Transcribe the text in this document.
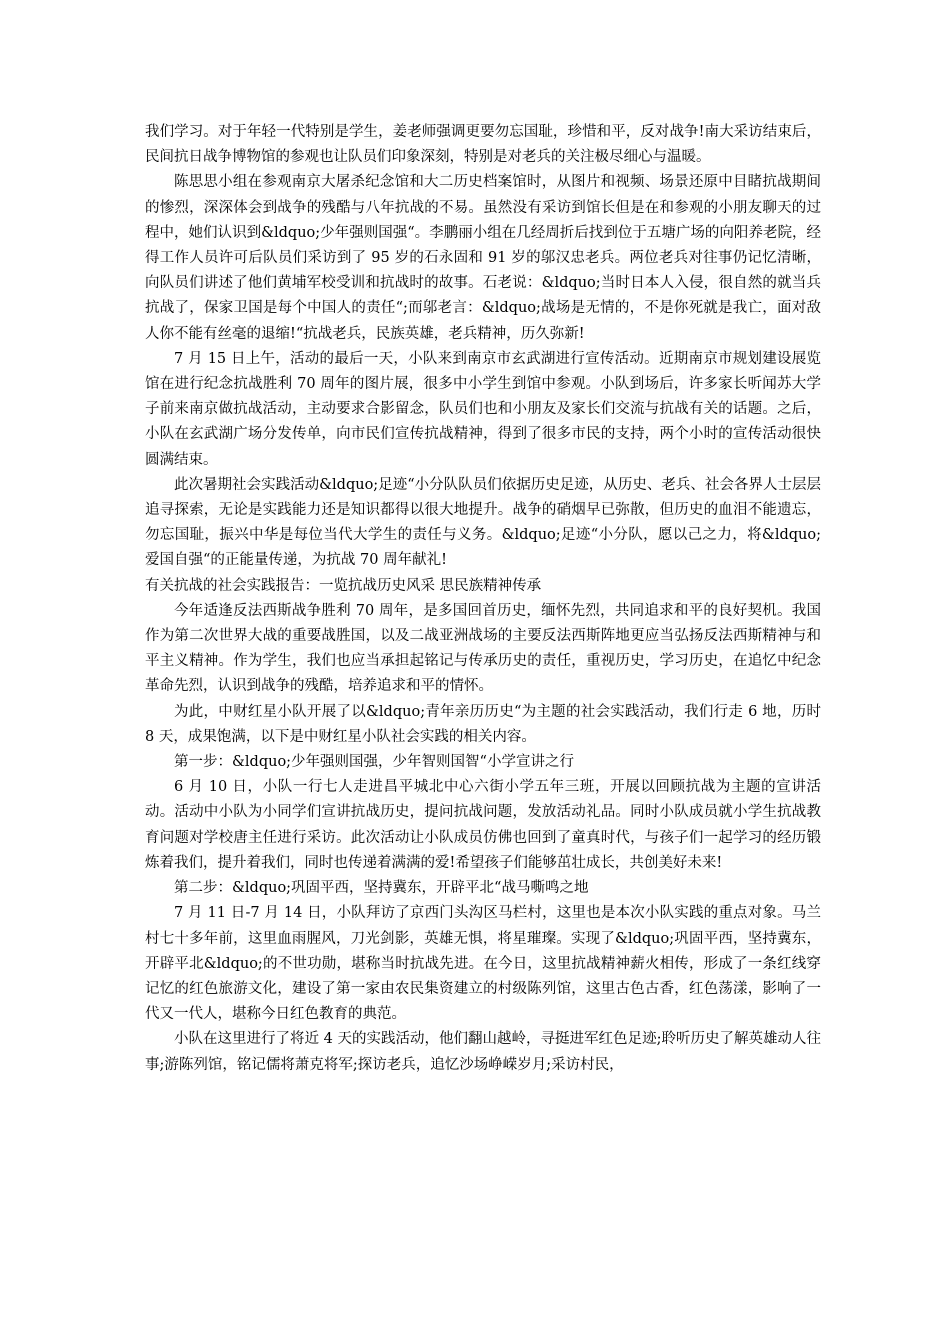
我们学习。对于年轻一代特别是学生，姜老师强调更要勿忘国耻，珍惜和平，反对战争!南大采访结束后，民间抗日战争博物馆的参观也让队员们印象深刻，特别是对老兵的关注极尽细心与温暖。

陈思思小组在参观南京大屠杀纪念馆和大二历史档案馆时，从图片和视频、场景还原中目睹抗战期间的惨烈，深深体会到战争的残酷与八年抗战的不易。虽然没有采访到馆长但是在和参观的小朋友聊天的过程中，她们认识到&ldquo;少年强则国强“。李鹏丽小组在几经周折后找到位于五塘广场的向阳养老院，经得工作人员许可后队员们采访到了 95 岁的石永固和 91 岁的邬汉忠老兵。两位老兵对往事仍记忆清晰，向队员们讲述了他们黄埔军校受训和抗战时的故事。石老说：&ldquo;当时日本人入侵，很自然的就当兵抗战了，保家卫国是每个中国人的责任“;而邬老言：&ldquo;战场是无情的，不是你死就是我亡，面对敌人你不能有丝毫的退缩!“抗战老兵，民族英雄，老兵精神，历久弥新!

7 月 15 日上午，活动的最后一天，小队来到南京市玄武湖进行宣传活动。近期南京市规划建设展览馆在进行纪念抗战胜利 70 周年的图片展，很多中小学生到馆中参观。小队到场后，许多家长听闻苏大学子前来南京做抗战活动，主动要求合影留念，队员们也和小朋友及家长们交流与抗战有关的话题。之后，小队在玄武湖广场分发传单，向市民们宣传抗战精神，得到了很多市民的支持，两个小时的宣传活动很快圆满结束。

此次暑期社会实践活动&ldquo;足迹“小分队队员们依据历史足迹，从历史、老兵、社会各界人士层层追寻探索，无论是实践能力还是知识都得以很大地提升。战争的硝烟早已弥散，但历史的血泪不能遗忘，勿忘国耻，振兴中华是每位当代大学生的责任与义务。&ldquo;足迹“小分队，愿以己之力，将&ldquo;爱国自强“的正能量传递，为抗战 70 周年献礼!

有关抗战的社会实践报告：一览抗战历史风采 思民族精神传承

今年适逢反法西斯战争胜利 70 周年，是多国回首历史，缅怀先烈，共同追求和平的良好契机。我国作为第二次世界大战的重要战胜国，以及二战亚洲战场的主要反法西斯阵地更应当弘扬反法西斯精神与和平主义精神。作为学生，我们也应当承担起铭记与传承历史的责任，重视历史，学习历史，在追忆中纪念革命先烈，认识到战争的残酷，培养追求和平的情怀。

为此，中财红星小队开展了以&ldquo;青年亲历历史“为主题的社会实践活动，我们行走 6 地，历时 8 天，成果饱满，以下是中财红星小队社会实践的相关内容。

第一步：&ldquo;少年强则国强，少年智则国智“小学宣讲之行

6 月 10 日，小队一行七人走进昌平城北中心六街小学五年三班，开展以回顾抗战为主题的宣讲活动。活动中小队为小同学们宣讲抗战历史，提问抗战问题，发放活动礼品。同时小队成员就小学生抗战教育问题对学校唐主任进行采访。此次活动让小队成员仿佛也回到了童真时代，与孩子们一起学习的经历锻炼着我们，提升着我们，同时也传递着满满的爱!希望孩子们能够茁壮成长，共创美好未来!

第二步：&ldquo;巩固平西，坚持冀东，开辟平北“战马嘶鸣之地

7 月 11 日-7 月 14 日，小队拜访了京西门头沟区马栏村，这里也是本次小队实践的重点对象。马兰村七十多年前，这里血雨腥风，刀光剑影，英雄无惧，将星璀璨。实现了&ldquo;巩固平西，坚持冀东，开辟平北&ldquo;的不世功勋，堪称当时抗战先进。在今日，这里抗战精神薪火相传，形成了一条红线穿记忆的红色旅游文化，建设了第一家由农民集资建立的村级陈列馆，这里古色古香，红色荡漾，影响了一代又一代人，堪称今日红色教育的典范。

小队在这里进行了将近 4 天的实践活动，他们翻山越岭，寻挺进军红色足迹;聆听历史了解英雄动人往事;游陈列馆，铭记儒将萧克将军;探访老兵，追忆沙场峥嵘岁月;采访村民，
